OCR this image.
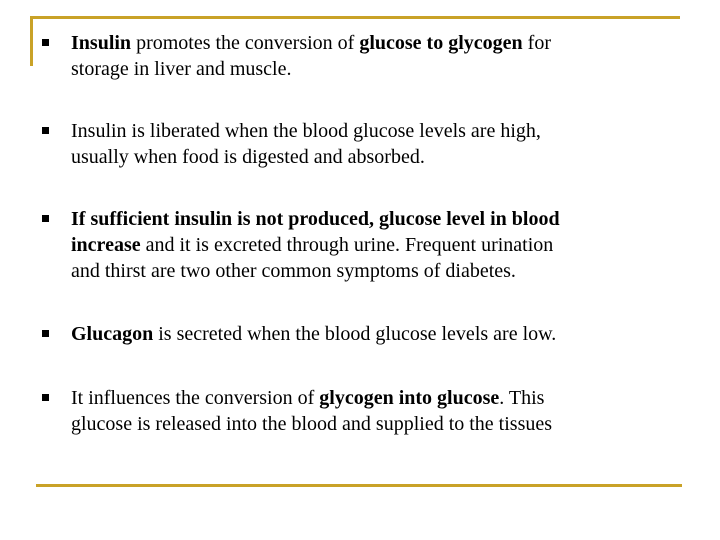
Insulin promotes the conversion of glucose to glycogen for
storage in liver and muscle.
Insulin is liberated when the blood glucose levels are high,
usually when food is digested and absorbed.
If sufficient insulin is not produced, glucose level in blood
increase and it is excreted through urine. Frequent urination
and thirst are two other common symptoms of diabetes.
Glucagon is secreted when the blood glucose levels are low.
It influences the conversion of glycogen into glucose. This
glucose is released into the blood and supplied to the tissues
